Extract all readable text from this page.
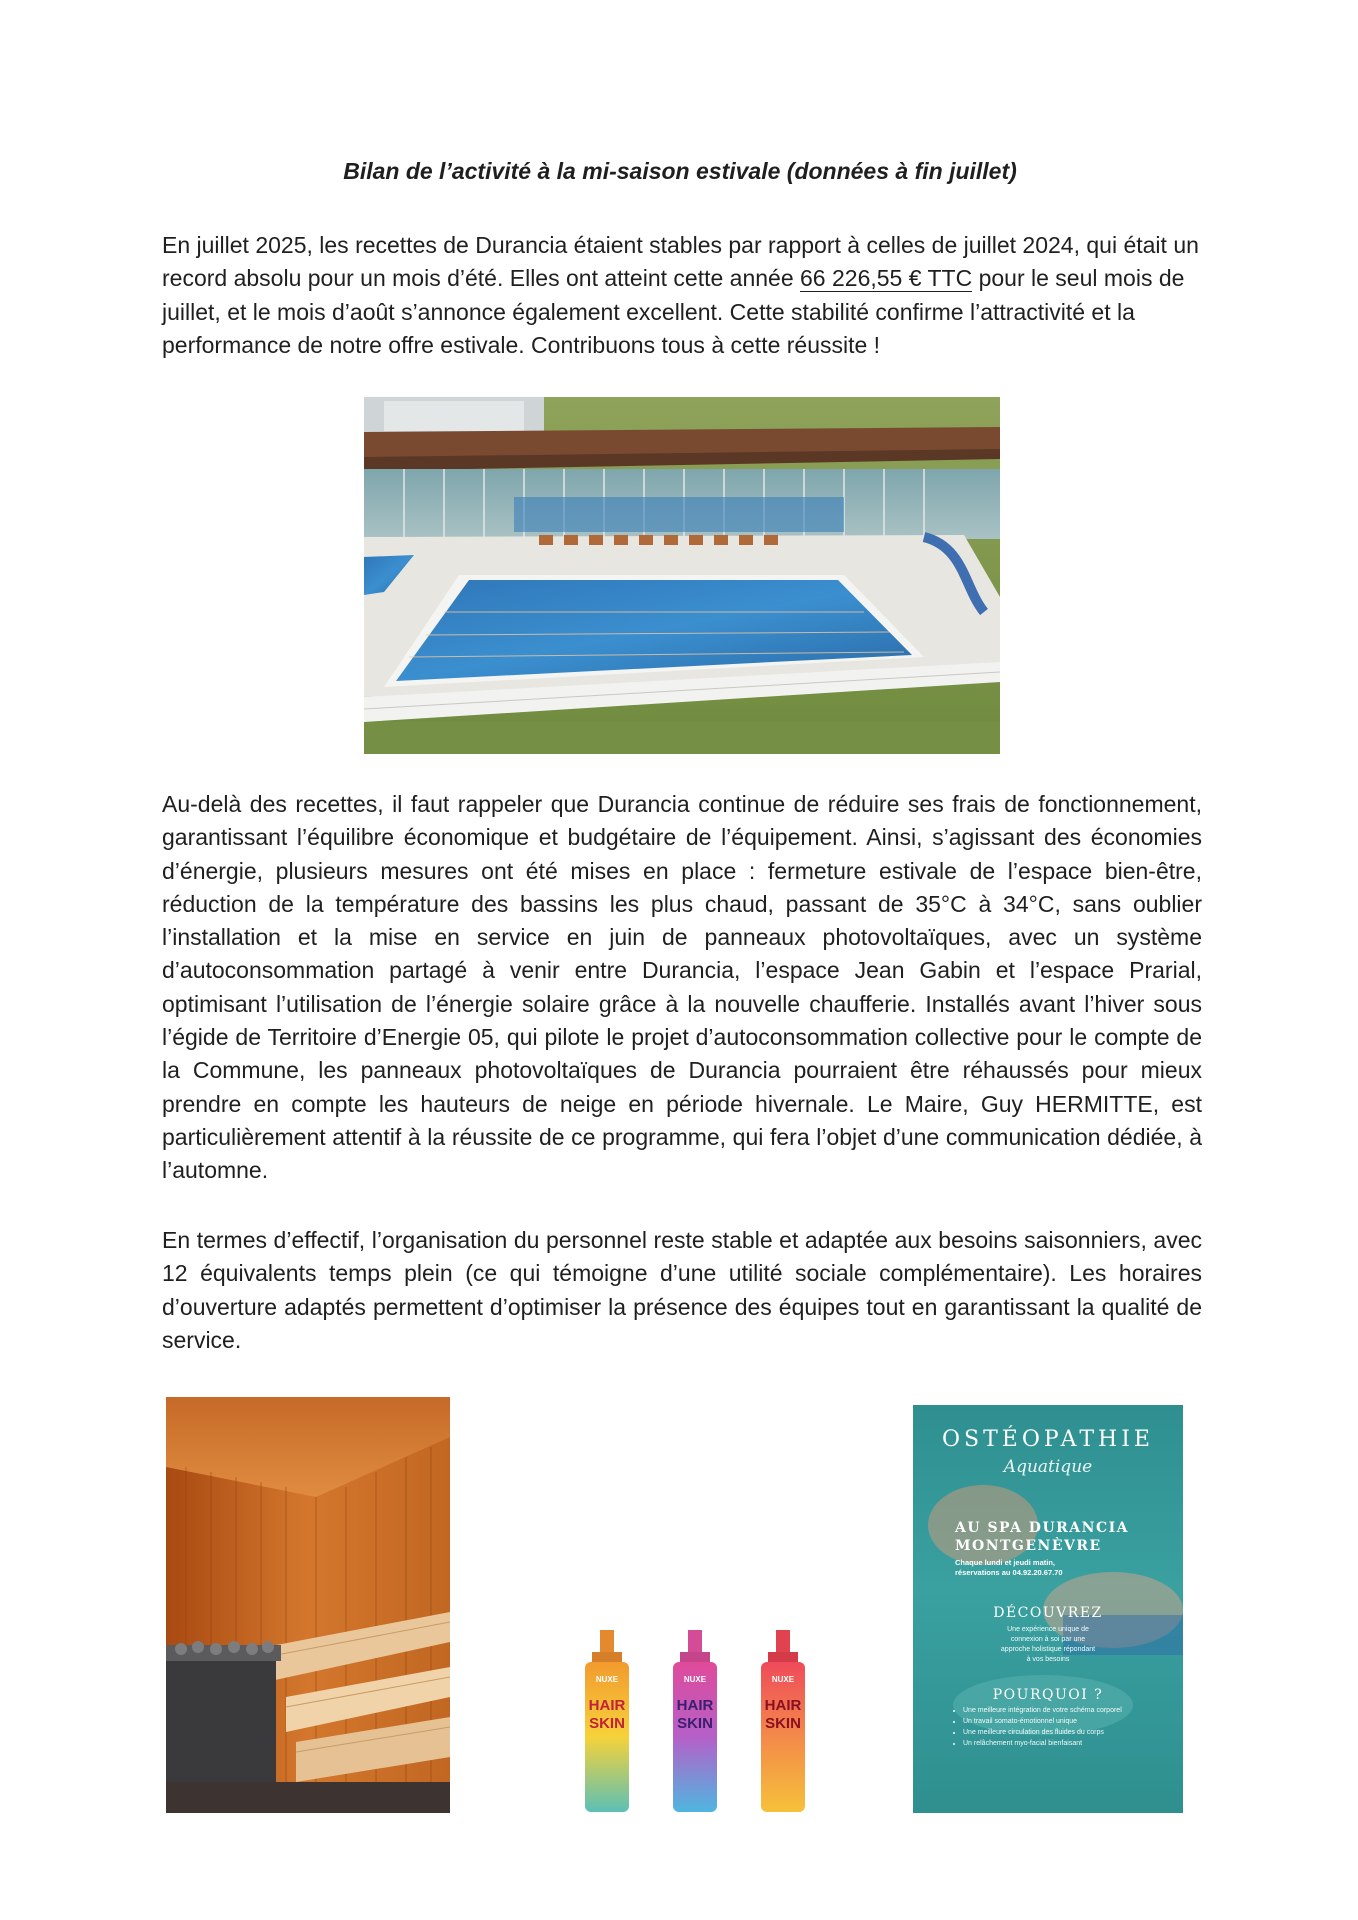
Bilan de l’activité à la mi-saison estivale (données à fin juillet)

En juillet 2025, les recettes de Durancia étaient stables par rapport à celles de juillet 2024, qui était un record absolu pour un mois d’été. Elles ont atteint cette année 66 226,55 € TTC pour le seul mois de juillet, et le mois d’août s’annonce également excellent. Cette stabilité confirme l’attractivité et la performance de notre offre estivale. Contribuons tous à cette réussite !

Au-delà des recettes, il faut rappeler que Durancia continue de réduire ses frais de fonctionnement, garantissant l’équilibre économique et budgétaire de l’équipement. Ainsi, s’agissant des économies d’énergie, plusieurs mesures ont été mises en place : fermeture estivale de l’espace bien-être, réduction de la température des bassins les plus chaud, passant de 35°C à 34°C, sans oublier l’installation et la mise en service en juin de panneaux photovoltaïques, avec un système d’autoconsommation partagé à venir entre Durancia, l’espace Jean Gabin et l’espace Prarial, optimisant l’utilisation de l’énergie solaire grâce à la nouvelle chaufferie. Installés avant l’hiver sous l’égide de Territoire d’Energie 05, qui pilote le projet d’autoconsommation collective pour le compte de la Commune, les panneaux photovoltaïques de Durancia pourraient être réhaussés pour mieux prendre en compte les hauteurs de neige en période hivernale. Le Maire, Guy HERMITTE, est particulièrement attentif à la réussite de ce programme, qui fera l’objet d’une communication dédiée, à l’automne.

En termes d’effectif, l’organisation du personnel reste stable et adaptée aux besoins saisonniers, avec 12 équivalents temps plein (ce qui témoigne d’une utilité sociale complémentaire). Les horaires d’ouverture adaptés permettent d’optimiser la présence des équipes tout en garantissant la qualité de service.

NUXE	NUXE	NUXE
HAIR
SKIN
HAIR
SKIN
HAIR
SKIN
OSTÉOPATHIE
Aquatique
AU SPA DURANCIA
MONTGENÈVRE
Chaque lundi et jeudi matin,
réservations au 04.92.20.67.70
DÉCOUVREZ
Une expérience unique de connexion à soi par une approche holistique répondant à vos besoins
POURQUOI ?
• Une meilleure intégration de votre schéma corporel
• Un travail somato-émotionnel unique
• Une meilleure circulation des fluides du corps
• Un relâchement myo-facial bienfaisant
